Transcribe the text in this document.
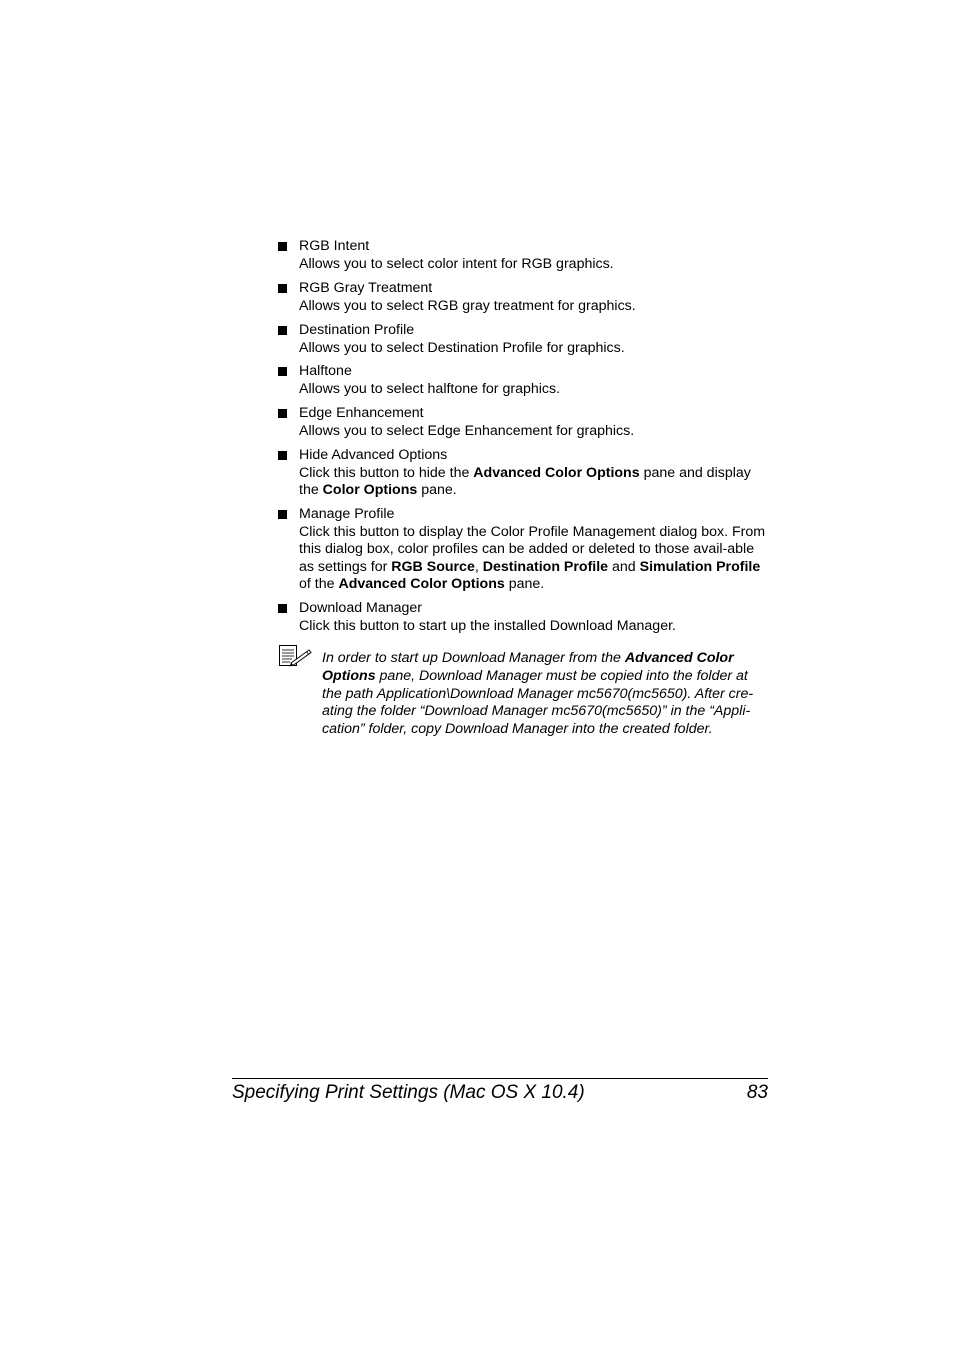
RGB Intent
Allows you to select color intent for RGB graphics.
RGB Gray Treatment
Allows you to select RGB gray treatment for graphics.
Destination Profile
Allows you to select Destination Profile for graphics.
Halftone
Allows you to select halftone for graphics.
Edge Enhancement
Allows you to select Edge Enhancement for graphics.
Hide Advanced Options
Click this button to hide the Advanced Color Options pane and display the Color Options pane.
Manage Profile
Click this button to display the Color Profile Management dialog box. From this dialog box, color profiles can be added or deleted to those avail-able as settings for RGB Source, Destination Profile and Simulation Profile of the Advanced Color Options pane.
Download Manager
Click this button to start up the installed Download Manager.
In order to start up Download Manager from the Advanced Color Options pane, Download Manager must be copied into the folder at the path Application\Download Manager mc5670(mc5650). After cre-ating the folder “Download Manager mc5670(mc5650)” in the “Appli-cation” folder, copy Download Manager into the created folder.
Specifying Print Settings (Mac OS X 10.4)	83
